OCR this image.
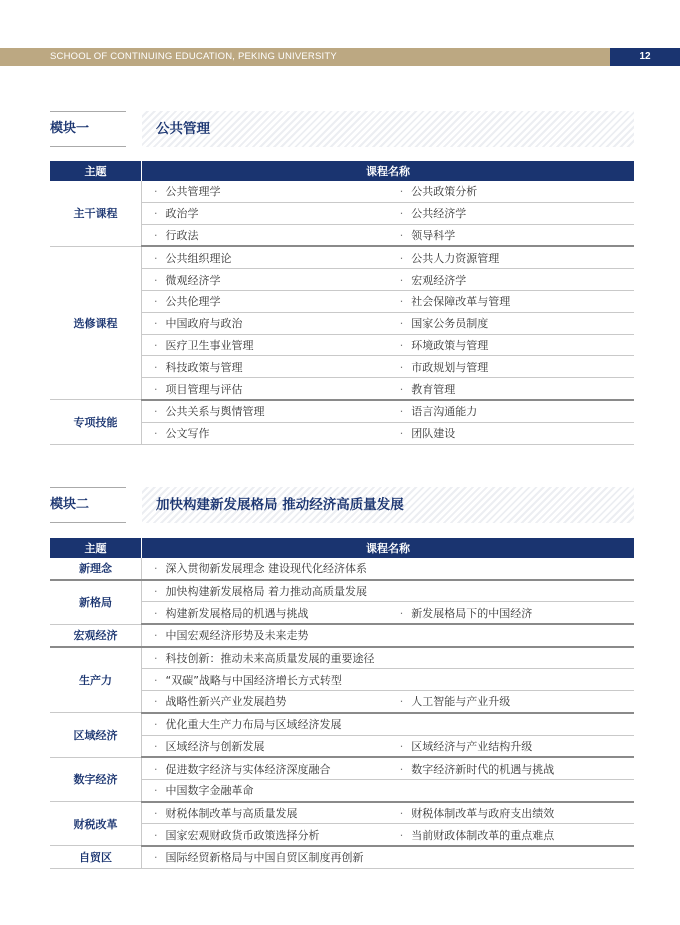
SCHOOL OF CONTINUING EDUCATION, PEKING UNIVERSITY	12
模块一	公共管理
主题	课程名称	
主干课程	· 公共管理学	· 公共政策分析
	· 政治学	· 公共经济学
	· 行政法	· 领导科学
选修课程	· 公共组织理论	· 公共人力资源管理
	· 微观经济学	· 宏观经济学
	· 公共伦理学	· 社会保障改革与管理
	· 中国政府与政治	· 国家公务员制度
	· 医疗卫生事业管理	· 环境政策与管理
	· 科技政策与管理	· 市政规划与管理
	· 项目管理与评估	· 教育管理
专项技能	· 公共关系与舆情管理	· 语言沟通能力
	· 公文写作	· 团队建设
模块二	加快构建新发展格局 推动经济高质量发展
主题	课程名称	
新理念	· 深入贯彻新发展理念 建设现代化经济体系	
新格局	· 加快构建新发展格局 着力推动高质量发展	
	· 构建新发展格局的机遇与挑战	· 新发展格局下的中国经济
宏观经济	· 中国宏观经济形势及未来走势	
生产力	· 科技创新：推动未来高质量发展的重要途径	
	· “双碳”战略与中国经济增长方式转型	
	· 战略性新兴产业发展趋势	· 人工智能与产业升级
区域经济	· 优化重大生产力布局与区域经济发展	
	· 区域经济与创新发展	· 区域经济与产业结构升级
数字经济	· 促进数字经济与实体经济深度融合	· 数字经济新时代的机遇与挑战
	· 中国数字金融革命	
财税改革	· 财税体制改革与高质量发展	· 财税体制改革与政府支出绩效
	· 国家宏观财政货币政策选择分析	· 当前财政体制改革的重点难点
自贸区	· 国际经贸新格局与中国自贸区制度再创新	
